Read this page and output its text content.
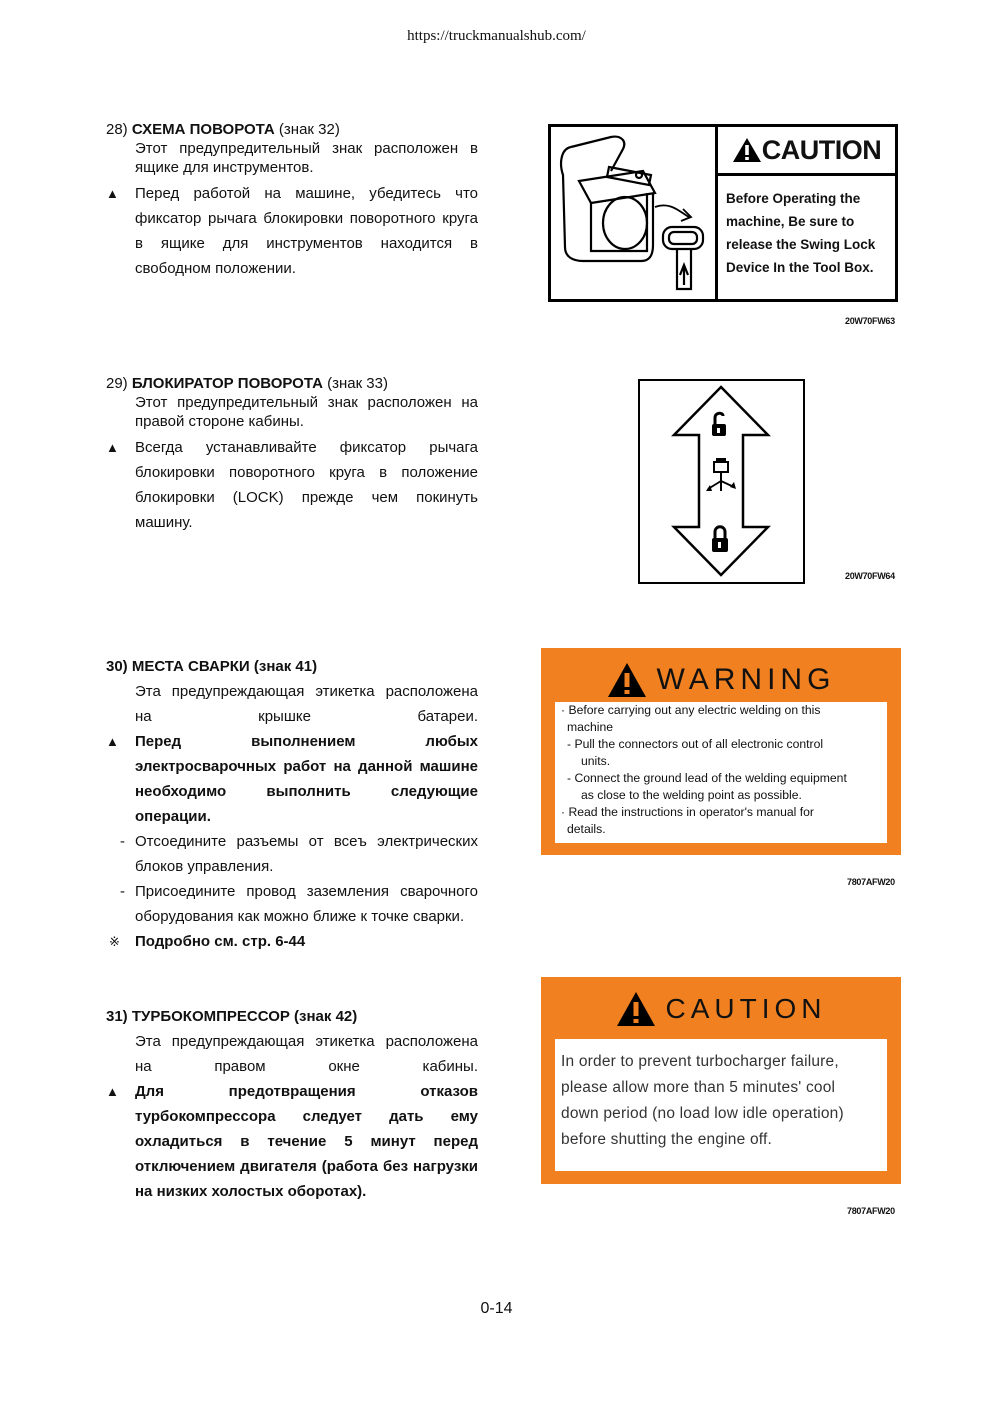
https://truckmanualshub.com/
28) СХЕМА ПОВОРОТА (знак 32)
Этот предупредительный знак расположен в ящике для инструментов.
▲	Перед работой на машине, убедитесь что фиксатор рычага блокировки поворотного круга в ящике для инструментов находится в свободном положении.
CAUTION
Before Operating the
machine, Be sure to
release the Swing Lock
Device In the Tool Box.
20W70FW63
29) БЛОКИРАТОР ПОВОРОТА (знак 33)
Этот предупредительный знак расположен на правой стороне кабины.
▲	Всегда устанавливайте фиксатор рычага блокировки поворотного круга в положение блокировки (LOCK) прежде чем покинуть машину.
20W70FW64
30) МЕСТА СВАРКИ (знак 41)
Эта предупреждающая этикетка расположена на крышке батареи.
▲	Перед выполнением любых электросварочных работ на данной машине необходимо выполнить следующие операции.
- Отсоедините разъемы от всеъ электрических блоков управления.
- Присоедините провод заземления сварочного оборудования как можно ближе к точке сварки.
※	Подробно см. стр. 6-44
WARNING

· Before carrying out any electric welding on this

machine

- Pull the connectors out of all electronic control

units.

- Connect the ground lead of the welding equipment

as close to the welding point as possible.

· Read the instructions in operator's manual for

details.

7807AFW20
31) ТУРБОКОМПРЕССОР (знак 42)
Эта предупреждающая этикетка расположена на правом окне кабины.
▲	Для предотвращения отказов турбокомпрессора следует дать ему охладиться в течение 5 минут перед отключением двигателя (работа без нагрузки на низких холостых оборотах).
CAUTION
In order to prevent turbocharger failure,
please allow more than 5 minutes' cool
down period (no load low idle operation)
before shutting the engine off.
7807AFW20
0-14
